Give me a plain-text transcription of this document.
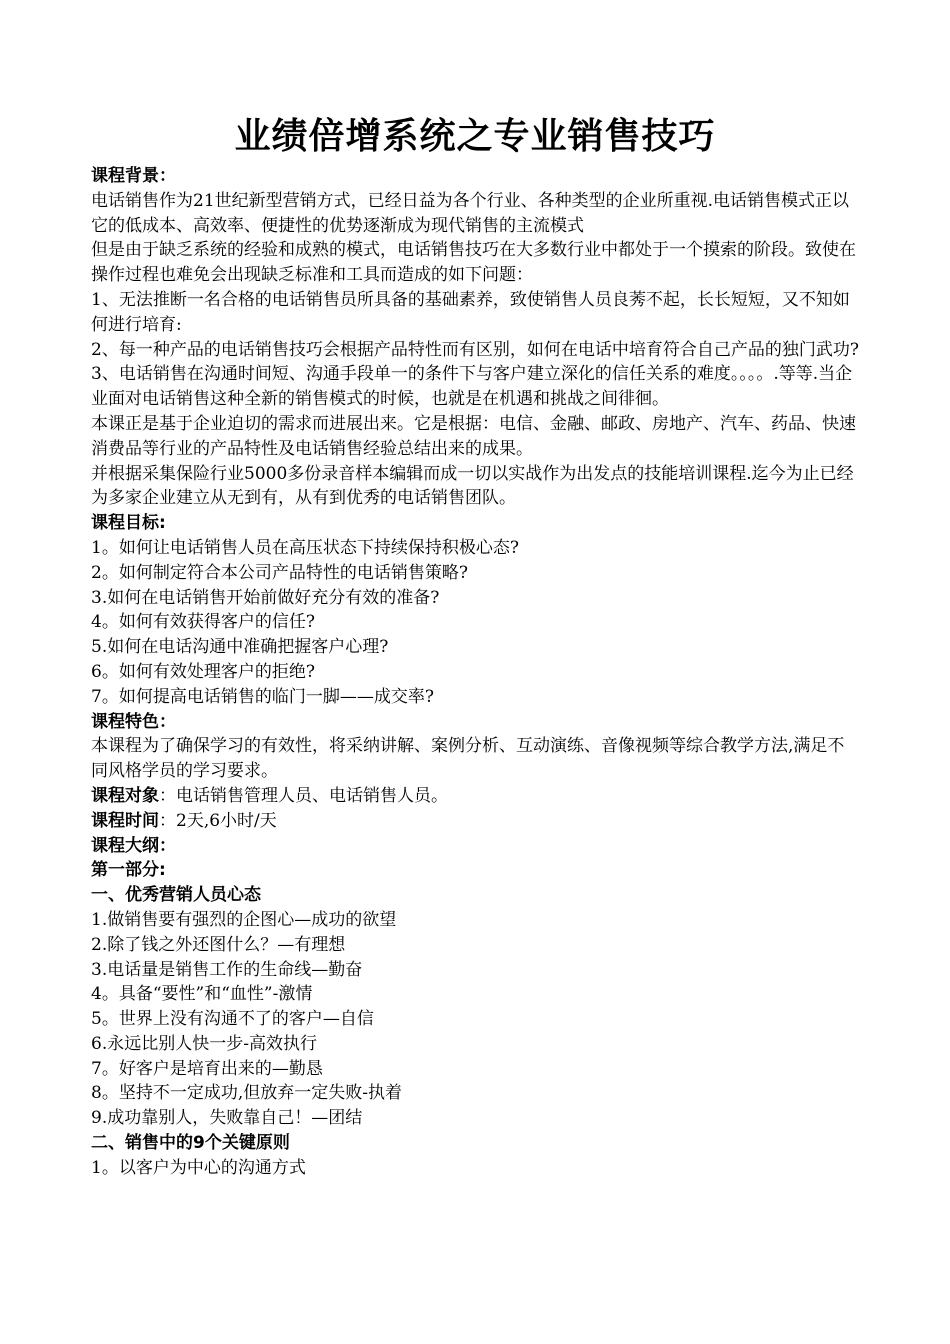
业绩倍增系统之专业销售技巧

课程背景：

电话销售作为21世纪新型营销方式，已经日益为各个行业、各种类型的企业所重视.电话销售模式正以它的低成本、高效率、便捷性的优势逐渐成为现代销售的主流模式

但是由于缺乏系统的经验和成熟的模式，电话销售技巧在大多数行业中都处于一个摸索的阶段。致使在操作过程也难免会出现缺乏标准和工具而造成的如下问题：

1、无法推断一名合格的电话销售员所具备的基础素养，致使销售人员良莠不起，长长短短，又不知如何进行培育:

2、每一种产品的电话销售技巧会根据产品特性而有区别，如何在电话中培育符合自己产品的独门武功?

3、电话销售在沟通时间短、沟通手段单一的条件下与客户建立深化的信任关系的难度。。。。.等等.当企业面对电话销售这种全新的销售模式的时候，也就是在机遇和挑战之间徘徊。

本课正是基于企业迫切的需求而进展出来。它是根据：电信、金融、邮政、房地产、汽车、药品、快速消费品等行业的产品特性及电话销售经验总结出来的成果。

并根据采集保险行业5000多份录音样本编辑而成一切以实战作为出发点的技能培训课程.迄今为止已经为多家企业建立从无到有，从有到优秀的电话销售团队。

课程目标:

1。如何让电话销售人员在高压状态下持续保持积极心态?

2。如何制定符合本公司产品特性的电话销售策略?

3.如何在电话销售开始前做好充分有效的准备?

4。如何有效获得客户的信任?

5.如何在电话沟通中准确把握客户心理?

6。如何有效处理客户的拒绝?

7。如何提高电话销售的临门一脚——成交率?

课程特色：

本课程为了确保学习的有效性，将采纳讲解、案例分析、互动演练、音像视频等综合教学方法,满足不同风格学员的学习要求。

课程对象：电话销售管理人员、电话销售人员。

课程时间：2天,6小时/天

课程大纲：

第一部分:

一、优秀营销人员心态

1.做销售要有强烈的企图心—成功的欲望

2.除了钱之外还图什么？—有理想

3.电话量是销售工作的生命线—勤奋

4。具备“要性”和“血性”-激情

5。世界上没有沟通不了的客户—自信

6.永远比别人快一步-高效执行

7。好客户是培育出来的—勤恳

8。坚持不一定成功,但放弃一定失败-执着

9.成功靠别人，失败靠自己！—团结

二、销售中的9个关键原则

1。以客户为中心的沟通方式
